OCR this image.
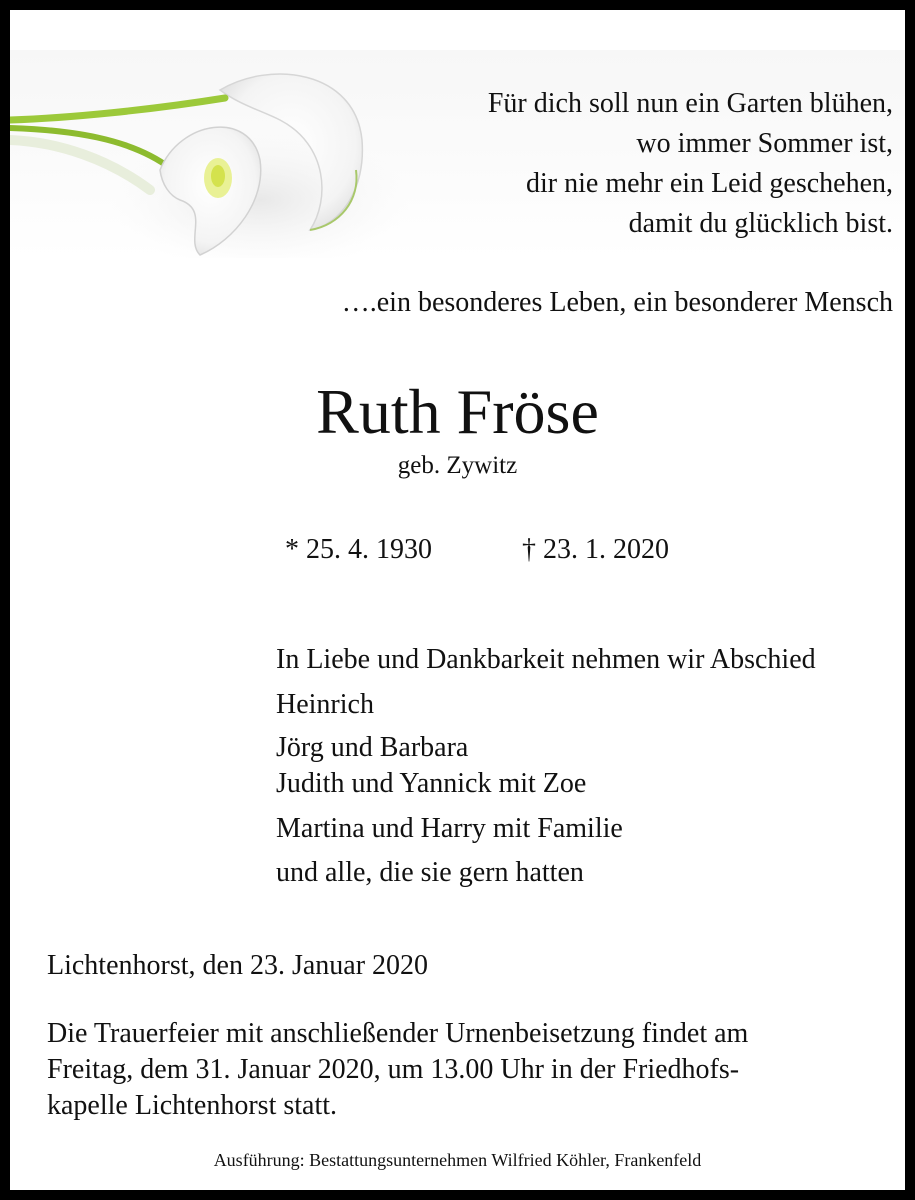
Für dich soll nun ein Garten blühen,
wo immer Sommer ist,
dir nie mehr ein Leid geschehen,
damit du glücklich bist.
….ein besonderes Leben, ein besonderer Mensch
Ruth Fröse
geb. Zywitz
* 25. 4. 1930	† 23. 1. 2020
In Liebe und Dankbarkeit nehmen wir Abschied
Heinrich
Jörg und Barbara
Judith und Yannick mit Zoe
Martina und Harry mit Familie
und alle, die sie gern hatten
Lichtenhorst, den 23. Januar 2020
Die Trauerfeier mit anschließender Urnenbeisetzung findet am
Freitag, dem 31. Januar 2020, um 13.00 Uhr in der Friedhofs-
kapelle Lichtenhorst statt.
Ausführung: Bestattungsunternehmen Wilfried Köhler, Frankenfeld
